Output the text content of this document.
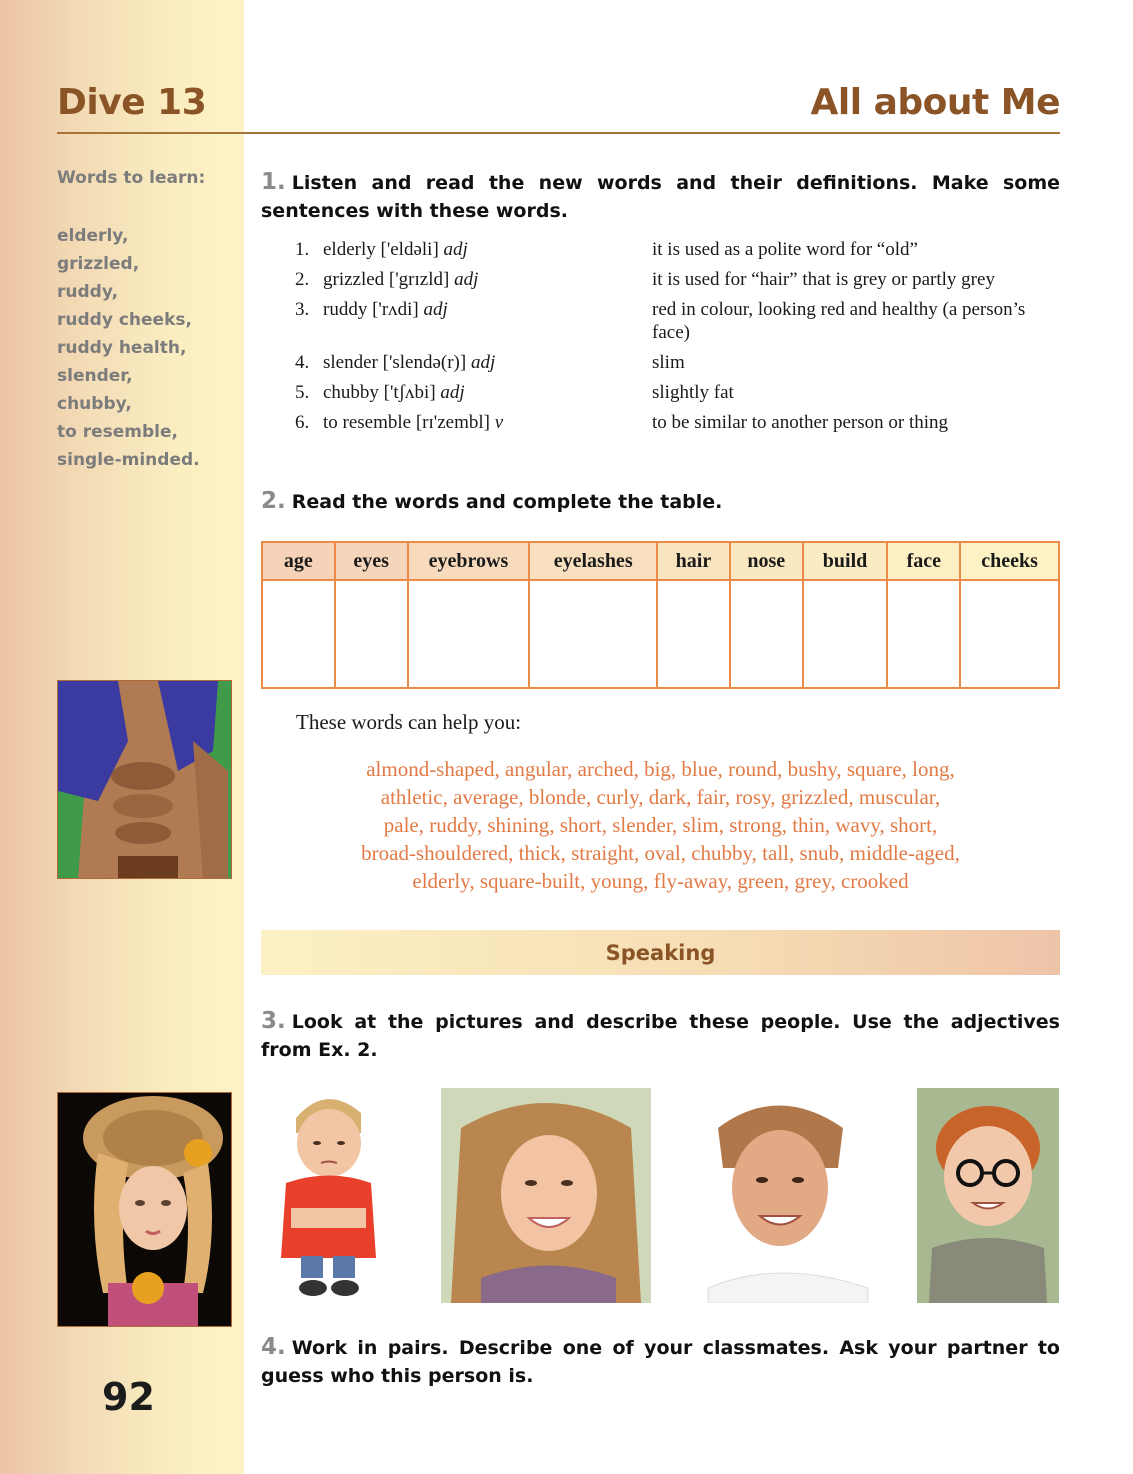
Dive 13	All about Me
Words to learn:
elderly,
grizzled,
ruddy,
ruddy cheeks,
ruddy health,
slender,
chubby,
to resemble,
single-minded.
92
1. Listen and read the new words and their definitions. Make some sentences with these words.
1. elderly ['eldəli] adj	it is used as a polite word for “old”
2. grizzled ['grɪzld] adj	it is used for “hair” that is grey or partly grey
3. ruddy ['rʌdi] adj	red in colour, looking red and healthy (a person’s face)
4. slender ['slendə(r)] adj	slim
5. chubby ['tʃʌbi] adj	slightly fat
6. to resemble [rɪ'zembl] v	to be similar to another person or thing
2. Read the words and complete the table.
age	eyes	eyebrows	eyelashes	hair	nose	build	face	cheeks

These words can help you:
almond-shaped, angular, arched, big, blue, round, bushy, square, long,
athletic, average, blonde, curly, dark, fair, rosy, grizzled, muscular,
pale, ruddy, shining, short, slender, slim, strong, thin, wavy, short,
broad-shouldered, thick, straight, oval, chubby, tall, snub, middle-aged,
elderly, square-built, young, fly-away, green, grey, crooked
Speaking
3. Look at the pictures and describe these people. Use the adjectives from Ex. 2.
4. Work in pairs. Describe one of your classmates. Ask your partner to guess who this person is.
